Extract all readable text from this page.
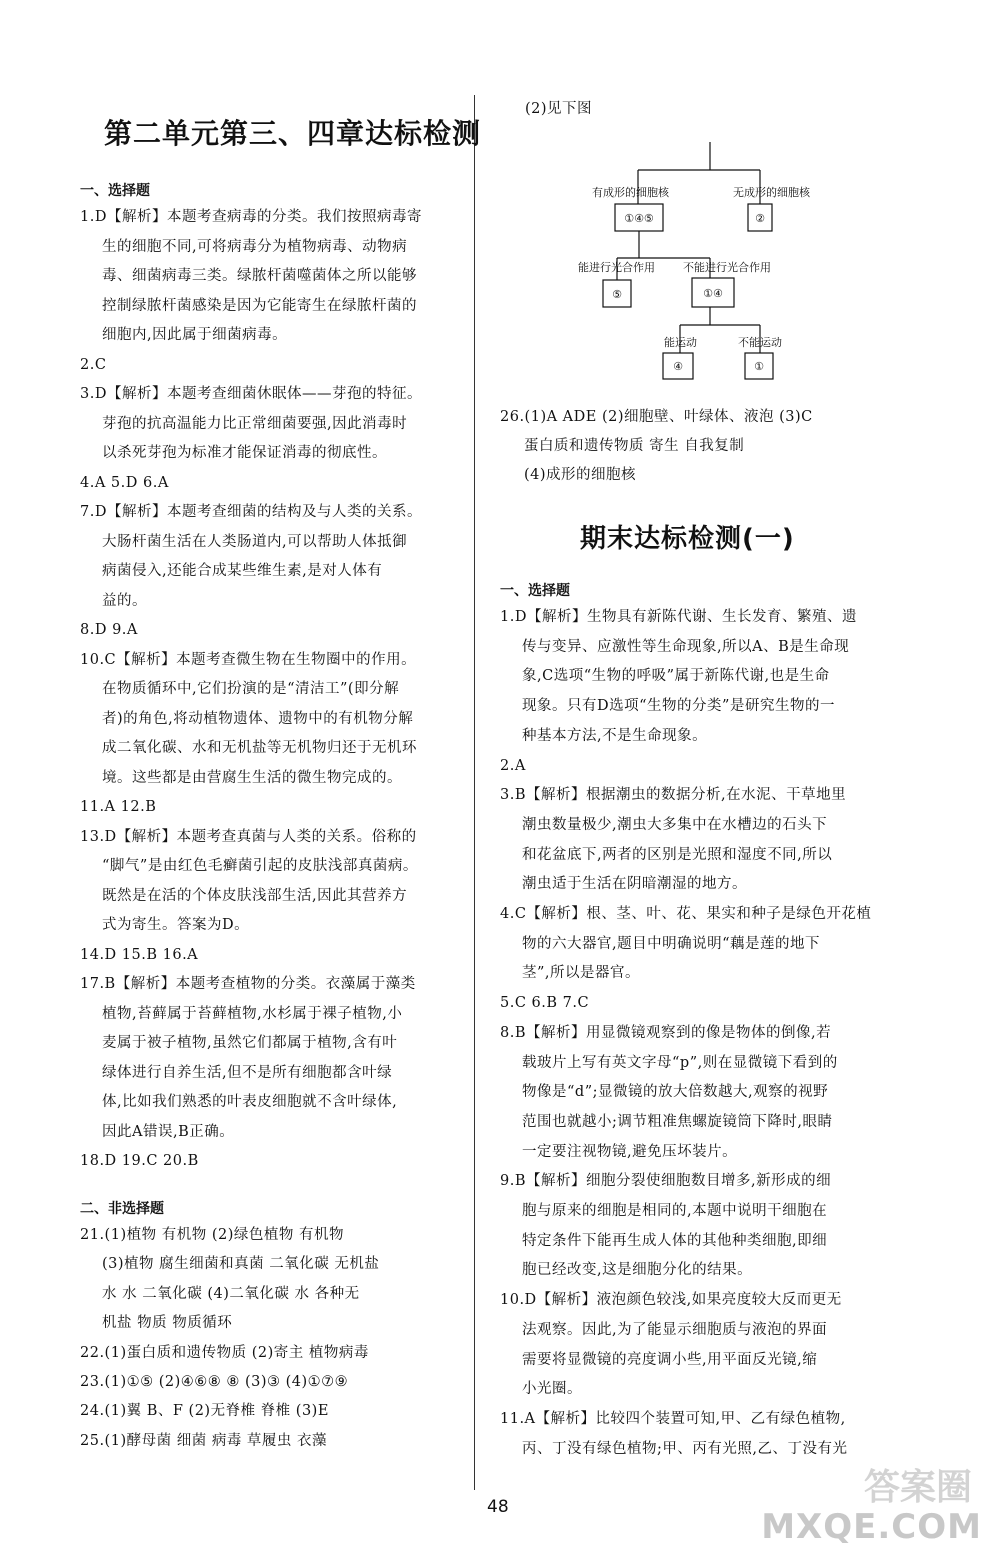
第二单元第三、四章达标检测
一、选择题
1.D【解析】本题考查病毒的分类。我们按照病毒寄
生的细胞不同,可将病毒分为植物病毒、动物病
毒、细菌病毒三类。绿脓杆菌噬菌体之所以能够
控制绿脓杆菌感染是因为它能寄生在绿脓杆菌的
细胞内,因此属于细菌病毒。
2.C
3.D【解析】本题考查细菌休眠体——芽孢的特征。
芽孢的抗高温能力比正常细菌要强,因此消毒时
以杀死芽孢为标准才能保证消毒的彻底性。
4.A 5.D 6.A
7.D【解析】本题考查细菌的结构及与人类的关系。
大肠杆菌生活在人类肠道内,可以帮助人体抵御
病菌侵入,还能合成某些维生素,是对人体有
益的。
8.D 9.A
10.C【解析】本题考查微生物在生物圈中的作用。
在物质循环中,它们扮演的是“清洁工”(即分解
者)的角色,将动植物遗体、遗物中的有机物分解
成二氧化碳、水和无机盐等无机物归还于无机环
境。这些都是由营腐生生活的微生物完成的。
11.A 12.B
13.D【解析】本题考查真菌与人类的关系。俗称的
“脚气”是由红色毛癣菌引起的皮肤浅部真菌病。
既然是在活的个体皮肤浅部生活,因此其营养方
式为寄生。答案为D。
14.D 15.B 16.A
17.B【解析】本题考查植物的分类。衣藻属于藻类
植物,苔藓属于苔藓植物,水杉属于裸子植物,小
麦属于被子植物,虽然它们都属于植物,含有叶
绿体进行自养生活,但不是所有细胞都含叶绿
体,比如我们熟悉的叶表皮细胞就不含叶绿体,
因此A错误,B正确。
18.D 19.C 20.B
二、非选择题
21.(1)植物 有机物 (2)绿色植物 有机物
(3)植物 腐生细菌和真菌 二氧化碳 无机盐
水 水 二氧化碳 (4)二氧化碳 水 各种无
机盐 物质 物质循环
22.(1)蛋白质和遗传物质 (2)寄主 植物病毒
23.(1)①⑤ (2)④⑥⑧ ⑧ (3)③ (4)①⑦⑨
24.(1)翼 B、F (2)无脊椎 脊椎 (3)E
25.(1)酵母菌 细菌 病毒 草履虫 衣藻
(2)见下图
有成形的细胞核	无成形的细胞核
①④⑤	②
能进行光合作用	不能进行光合作用
⑤	①④
能运动	不能运动
④	①
26.(1)A ADE (2)细胞壁、叶绿体、液泡 (3)C
蛋白质和遗传物质 寄生 自我复制
(4)成形的细胞核
期末达标检测(一)
一、选择题
1.D【解析】生物具有新陈代谢、生长发育、繁殖、遗
传与变异、应激性等生命现象,所以A、B是生命现
象,C选项“生物的呼吸”属于新陈代谢,也是生命
现象。只有D选项“生物的分类”是研究生物的一
种基本方法,不是生命现象。
2.A
3.B【解析】根据潮虫的数据分析,在水泥、干草地里
潮虫数量极少,潮虫大多集中在水槽边的石头下
和花盆底下,两者的区别是光照和湿度不同,所以
潮虫适于生活在阴暗潮湿的地方。
4.C【解析】根、茎、叶、花、果实和种子是绿色开花植
物的六大器官,题目中明确说明“藕是莲的地下
茎”,所以是器官。
5.C 6.B 7.C
8.B【解析】用显微镜观察到的像是物体的倒像,若
载玻片上写有英文字母“p”,则在显微镜下看到的
物像是“d”;显微镜的放大倍数越大,观察的视野
范围也就越小;调节粗准焦螺旋镜筒下降时,眼睛
一定要注视物镜,避免压坏装片。
9.B【解析】细胞分裂使细胞数目增多,新形成的细
胞与原来的细胞是相同的,本题中说明干细胞在
特定条件下能再生成人体的其他种类细胞,即细
胞已经改变,这是细胞分化的结果。
10.D【解析】液泡颜色较浅,如果亮度较大反而更无
法观察。因此,为了能显示细胞质与液泡的界面
需要将显微镜的亮度调小些,用平面反光镜,缩
小光圈。
11.A【解析】比较四个装置可知,甲、乙有绿色植物,
丙、丁没有绿色植物;甲、丙有光照,乙、丁没有光
48	答案圈
MXQE.COM
